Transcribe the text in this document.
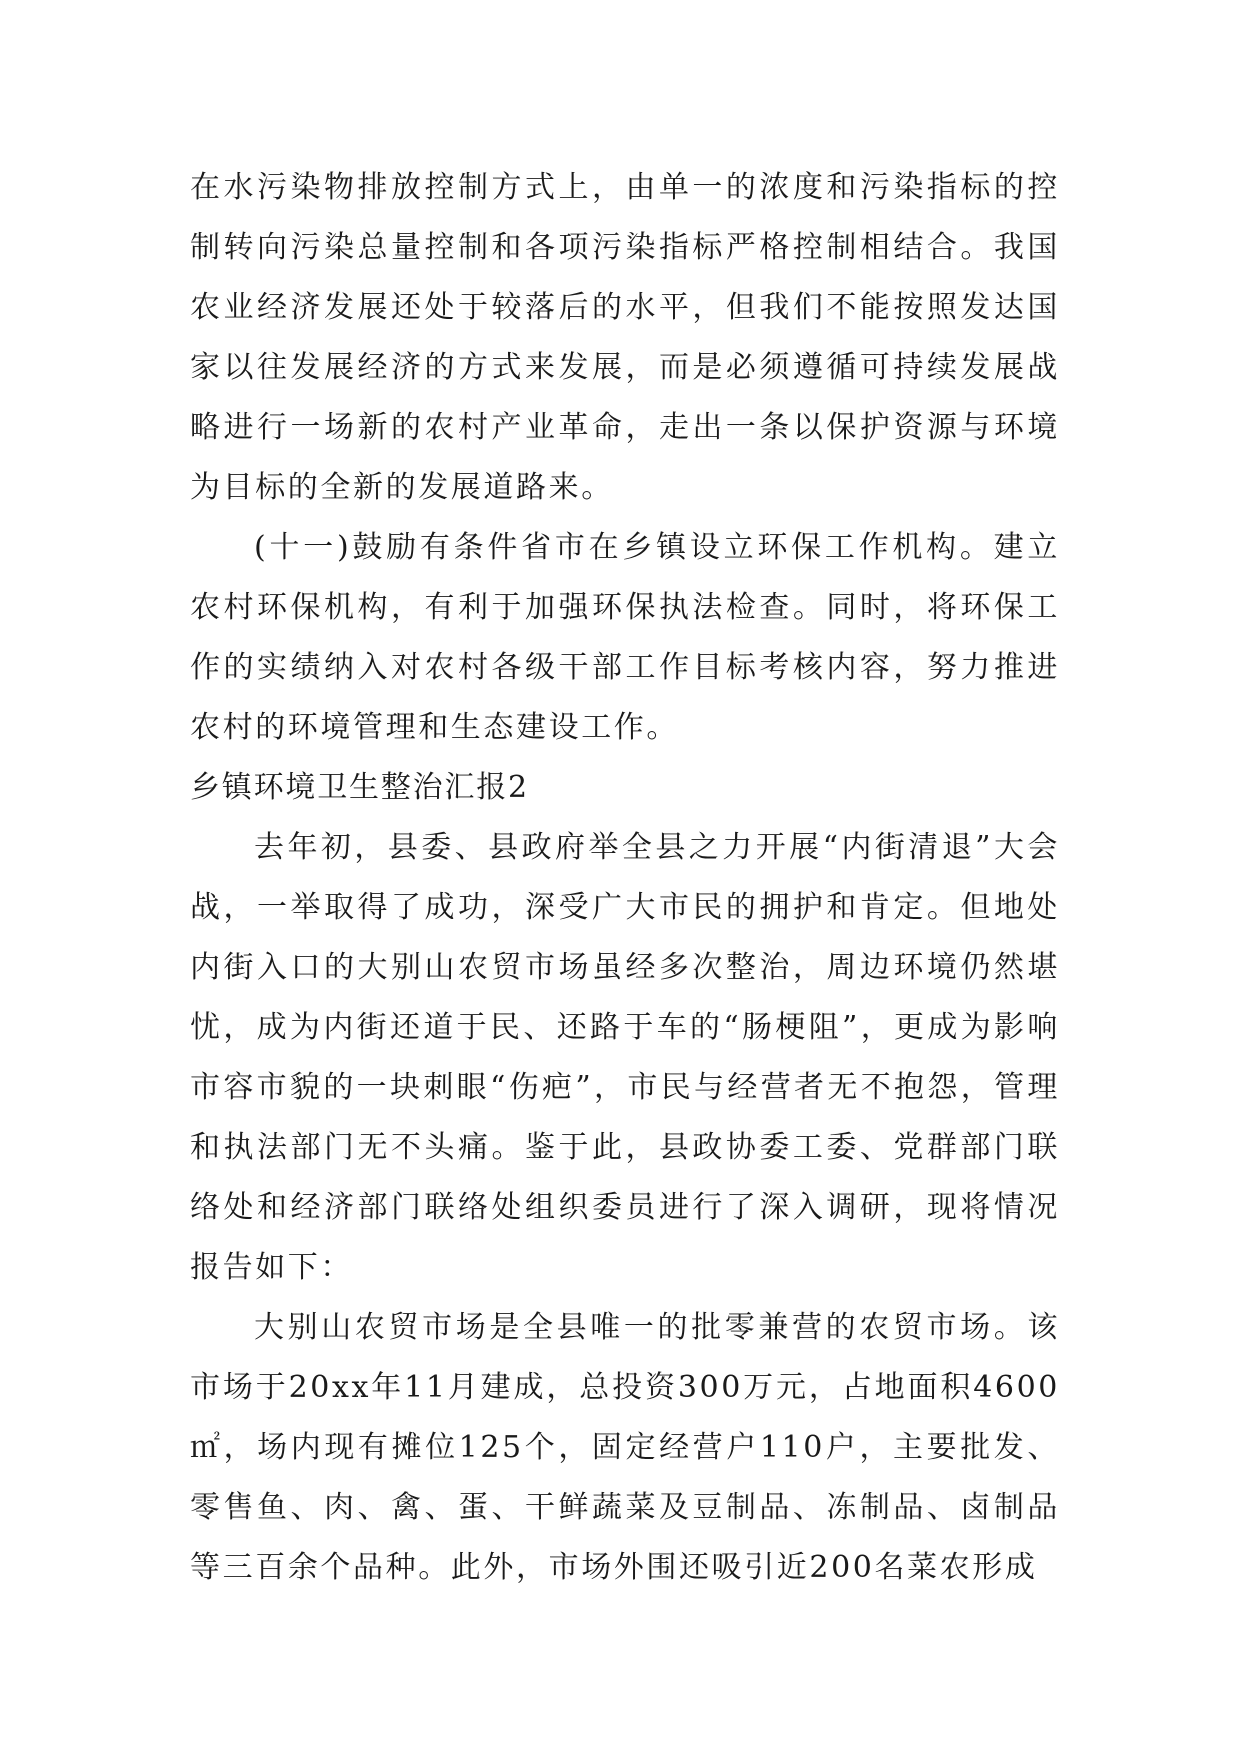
在水污染物排放控制方式上，由单一的浓度和污染指标的控制转向污染总量控制和各项污染指标严格控制相结合。我国农业经济发展还处于较落后的水平，但我们不能按照发达国家以往发展经济的方式来发展，而是必须遵循可持续发展战略进行一场新的农村产业革命，走出一条以保护资源与环境为目标的全新的发展道路来。

(十一)鼓励有条件省市在乡镇设立环保工作机构。建立农村环保机构，有利于加强环保执法检查。同时，将环保工作的实绩纳入对农村各级干部工作目标考核内容，努力推进农村的环境管理和生态建设工作。

乡镇环境卫生整治汇报2

去年初，县委、县政府举全县之力开展“内街清退”大会战，一举取得了成功，深受广大市民的拥护和肯定。但地处内街入口的大别山农贸市场虽经多次整治，周边环境仍然堪忧，成为内街还道于民、还路于车的“肠梗阻”，更成为影响市容市貌的一块刺眼“伤疤”，市民与经营者无不抱怨，管理和执法部门无不头痛。鉴于此，县政协委工委、党群部门联络处和经济部门联络处组织委员进行了深入调研，现将情况报告如下：

大别山农贸市场是全县唯一的批零兼营的农贸市场。该市场于20xx年11月建成，总投资300万元，占地面积4600㎡，场内现有摊位125个，固定经营户110户，主要批发、零售鱼、肉、禽、蛋、干鲜蔬菜及豆制品、冻制品、卤制品等三百余个品种。此外，市场外围还吸引近200名菜农形成
